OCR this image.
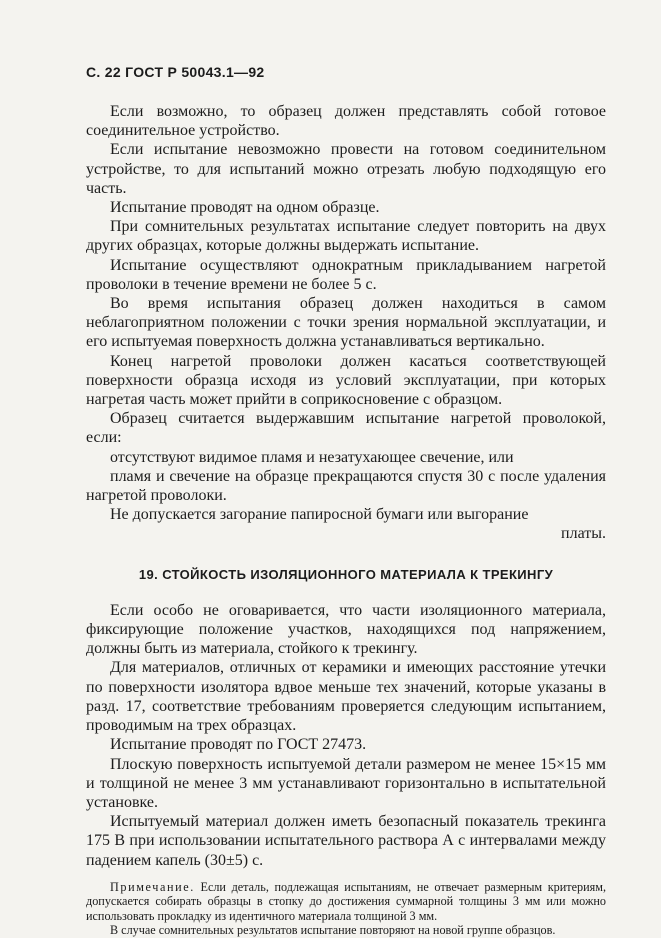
С. 22 ГОСТ Р 50043.1—92

Если возможно, то образец должен представлять собой готовое соединительное устройство.

Если испытание невозможно провести на готовом соединительном устройстве, то для испытаний можно отрезать любую подходящую его часть.

Испытание проводят на одном образце.

При сомнительных результатах испытание следует повторить на двух других образцах, которые должны выдержать испытание.

Испытание осуществляют однократным прикладыванием нагретой проволоки в течение времени не более 5 с.

Во время испытания образец должен находиться в самом неблагоприятном положении с точки зрения нормальной эксплуатации, и его испытуемая поверхность должна устанавливаться вертикально.

Конец нагретой проволоки должен касаться соответствующей поверхности образца исходя из условий эксплуатации, при которых нагретая часть может прийти в соприкосновение с образцом.

Образец считается выдержавшим испытание нагретой проволокой, если:

отсутствуют видимое пламя и незатухающее свечение, или

пламя и свечение на образце прекращаются спустя 30 с после удаления нагретой проволоки.

Не допускается загорание папиросной бумаги или выгорание

платы.

19. СТОЙКОСТЬ ИЗОЛЯЦИОННОГО МАТЕРИАЛА К ТРЕКИНГУ

Если особо не оговаривается, что части изоляционного материала, фиксирующие положение участков, находящихся под напряжением, должны быть из материала, стойкого к трекингу.

Для материалов, отличных от керамики и имеющих расстояние утечки по поверхности изолятора вдвое меньше тех значений, которые указаны в разд. 17, соответствие требованиям проверяется следующим испытанием, проводимым на трех образцах.

Испытание проводят по ГОСТ 27473.

Плоскую поверхность испытуемой детали размером не менее 15×15 мм и толщиной не менее 3 мм устанавливают горизонтально в испытательной установке.

Испытуемый материал должен иметь безопасный показатель трекинга 175 В при использовании испытательного раствора А с интервалами между падением капель (30±5) с.

Примечание. Если деталь, подлежащая испытаниям, не отвечает размерным критериям, допускается собирать образцы в стопку до достижения суммарной толщины 3 мм или можно использовать прокладку из идентичного материала толщиной 3 мм.

В случае сомнительных результатов испытание повторяют на новой группе образцов.
